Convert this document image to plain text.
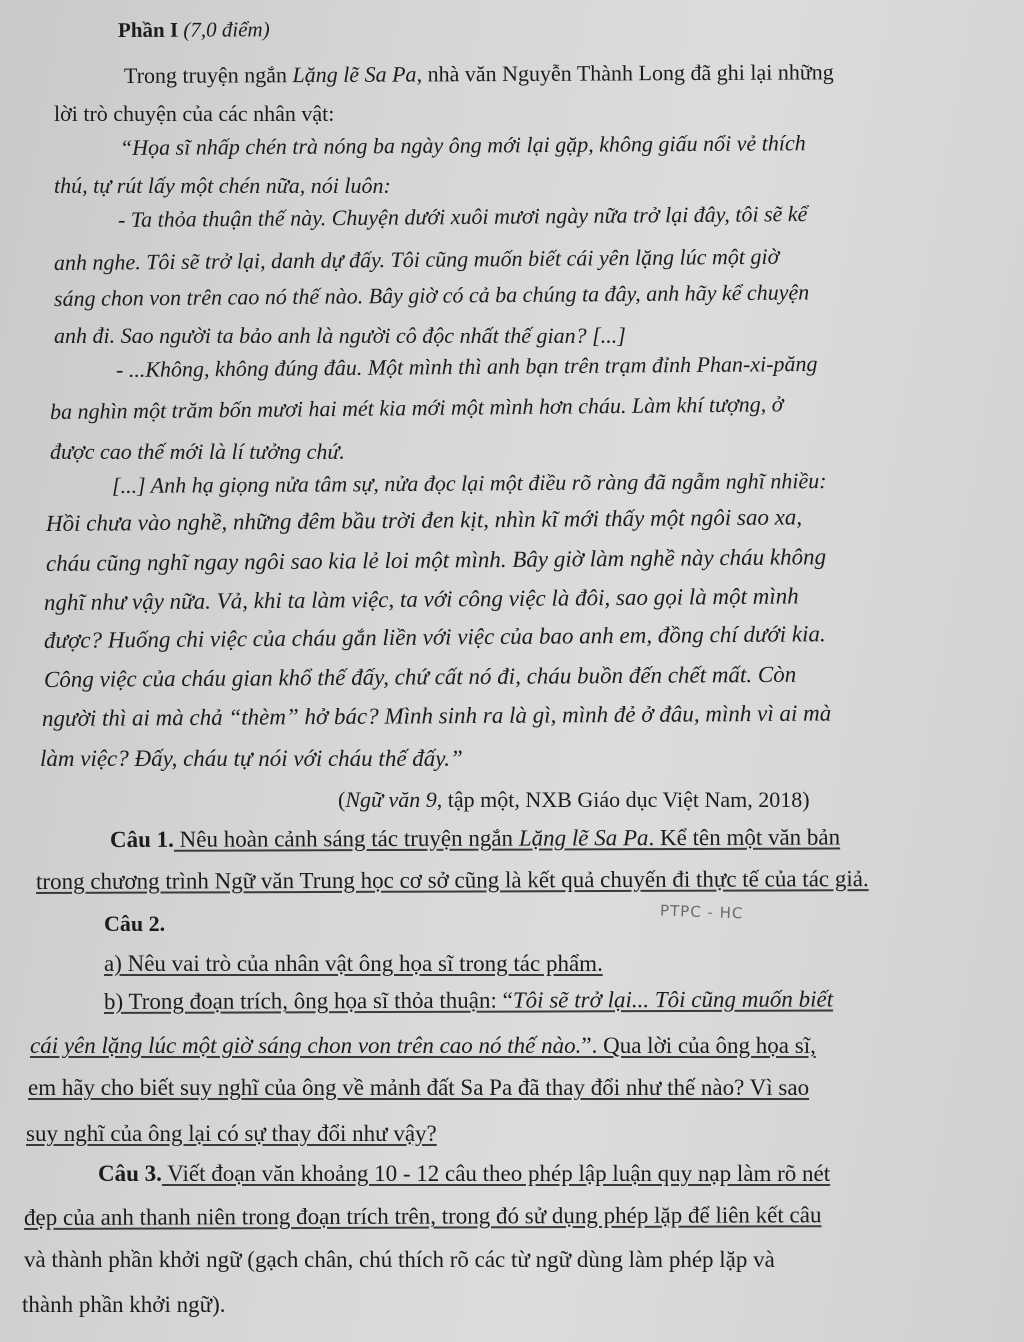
Phần I (7,0 điểm)
Trong truyện ngắn Lặng lẽ Sa Pa, nhà văn Nguyễn Thành Long đã ghi lại những
lời trò chuyện của các nhân vật:
“Họa sĩ nhấp chén trà nóng ba ngày ông mới lại gặp, không giấu nổi vẻ thích
thú, tự rút lấy một chén nữa, nói luôn:
- Ta thỏa thuận thế này. Chuyện dưới xuôi mươi ngày nữa trở lại đây, tôi sẽ kể
anh nghe. Tôi sẽ trở lại, danh dự đấy. Tôi cũng muốn biết cái yên lặng lúc một giờ
sáng chon von trên cao nó thế nào. Bây giờ có cả ba chúng ta đây, anh hãy kể chuyện
anh đi. Sao người ta bảo anh là người cô độc nhất thế gian? [...]
- ...Không, không đúng đâu. Một mình thì anh bạn trên trạm đỉnh Phan-xi-păng
ba nghìn một trăm bốn mươi hai mét kia mới một mình hơn cháu. Làm khí tượng, ở
được cao thế mới là lí tưởng chứ.
[...] Anh hạ giọng nửa tâm sự, nửa đọc lại một điều rõ ràng đã ngẫm nghĩ nhiều:
Hồi chưa vào nghề, những đêm bầu trời đen kịt, nhìn kĩ mới thấy một ngôi sao xa,
cháu cũng nghĩ ngay ngôi sao kia lẻ loi một mình. Bây giờ làm nghề này cháu không
nghĩ như vậy nữa. Vả, khi ta làm việc, ta với công việc là đôi, sao gọi là một mình
được? Huống chi việc của cháu gắn liền với việc của bao anh em, đồng chí dưới kia.
Công việc của cháu gian khổ thế đấy, chứ cất nó đi, cháu buồn đến chết mất. Còn
người thì ai mà chả “thèm” hở bác? Mình sinh ra là gì, mình đẻ ở đâu, mình vì ai mà
làm việc? Đấy, cháu tự nói với cháu thế đấy.”
(Ngữ văn 9, tập một, NXB Giáo dục Việt Nam, 2018)
Câu 1. Nêu hoàn cảnh sáng tác truyện ngắn Lặng lẽ Sa Pa. Kể tên một văn bản
trong chương trình Ngữ văn Trung học cơ sở cũng là kết quả chuyến đi thực tế của tác giả.
PTPC - HC
Câu 2.
a) Nêu vai trò của nhân vật ông họa sĩ trong tác phẩm.
b) Trong đoạn trích, ông họa sĩ thỏa thuận: “Tôi sẽ trở lại... Tôi cũng muốn biết
cái yên lặng lúc một giờ sáng chon von trên cao nó thế nào.”. Qua lời của ông họa sĩ,
em hãy cho biết suy nghĩ của ông về mảnh đất Sa Pa đã thay đổi như thế nào? Vì sao
suy nghĩ của ông lại có sự thay đổi như vậy?
Câu 3. Viết đoạn văn khoảng 10 - 12 câu theo phép lập luận quy nạp làm rõ nét
đẹp của anh thanh niên trong đoạn trích trên, trong đó sử dụng phép lặp để liên kết câu
và thành phần khởi ngữ (gạch chân, chú thích rõ các từ ngữ dùng làm phép lặp và
thành phần khởi ngữ).
